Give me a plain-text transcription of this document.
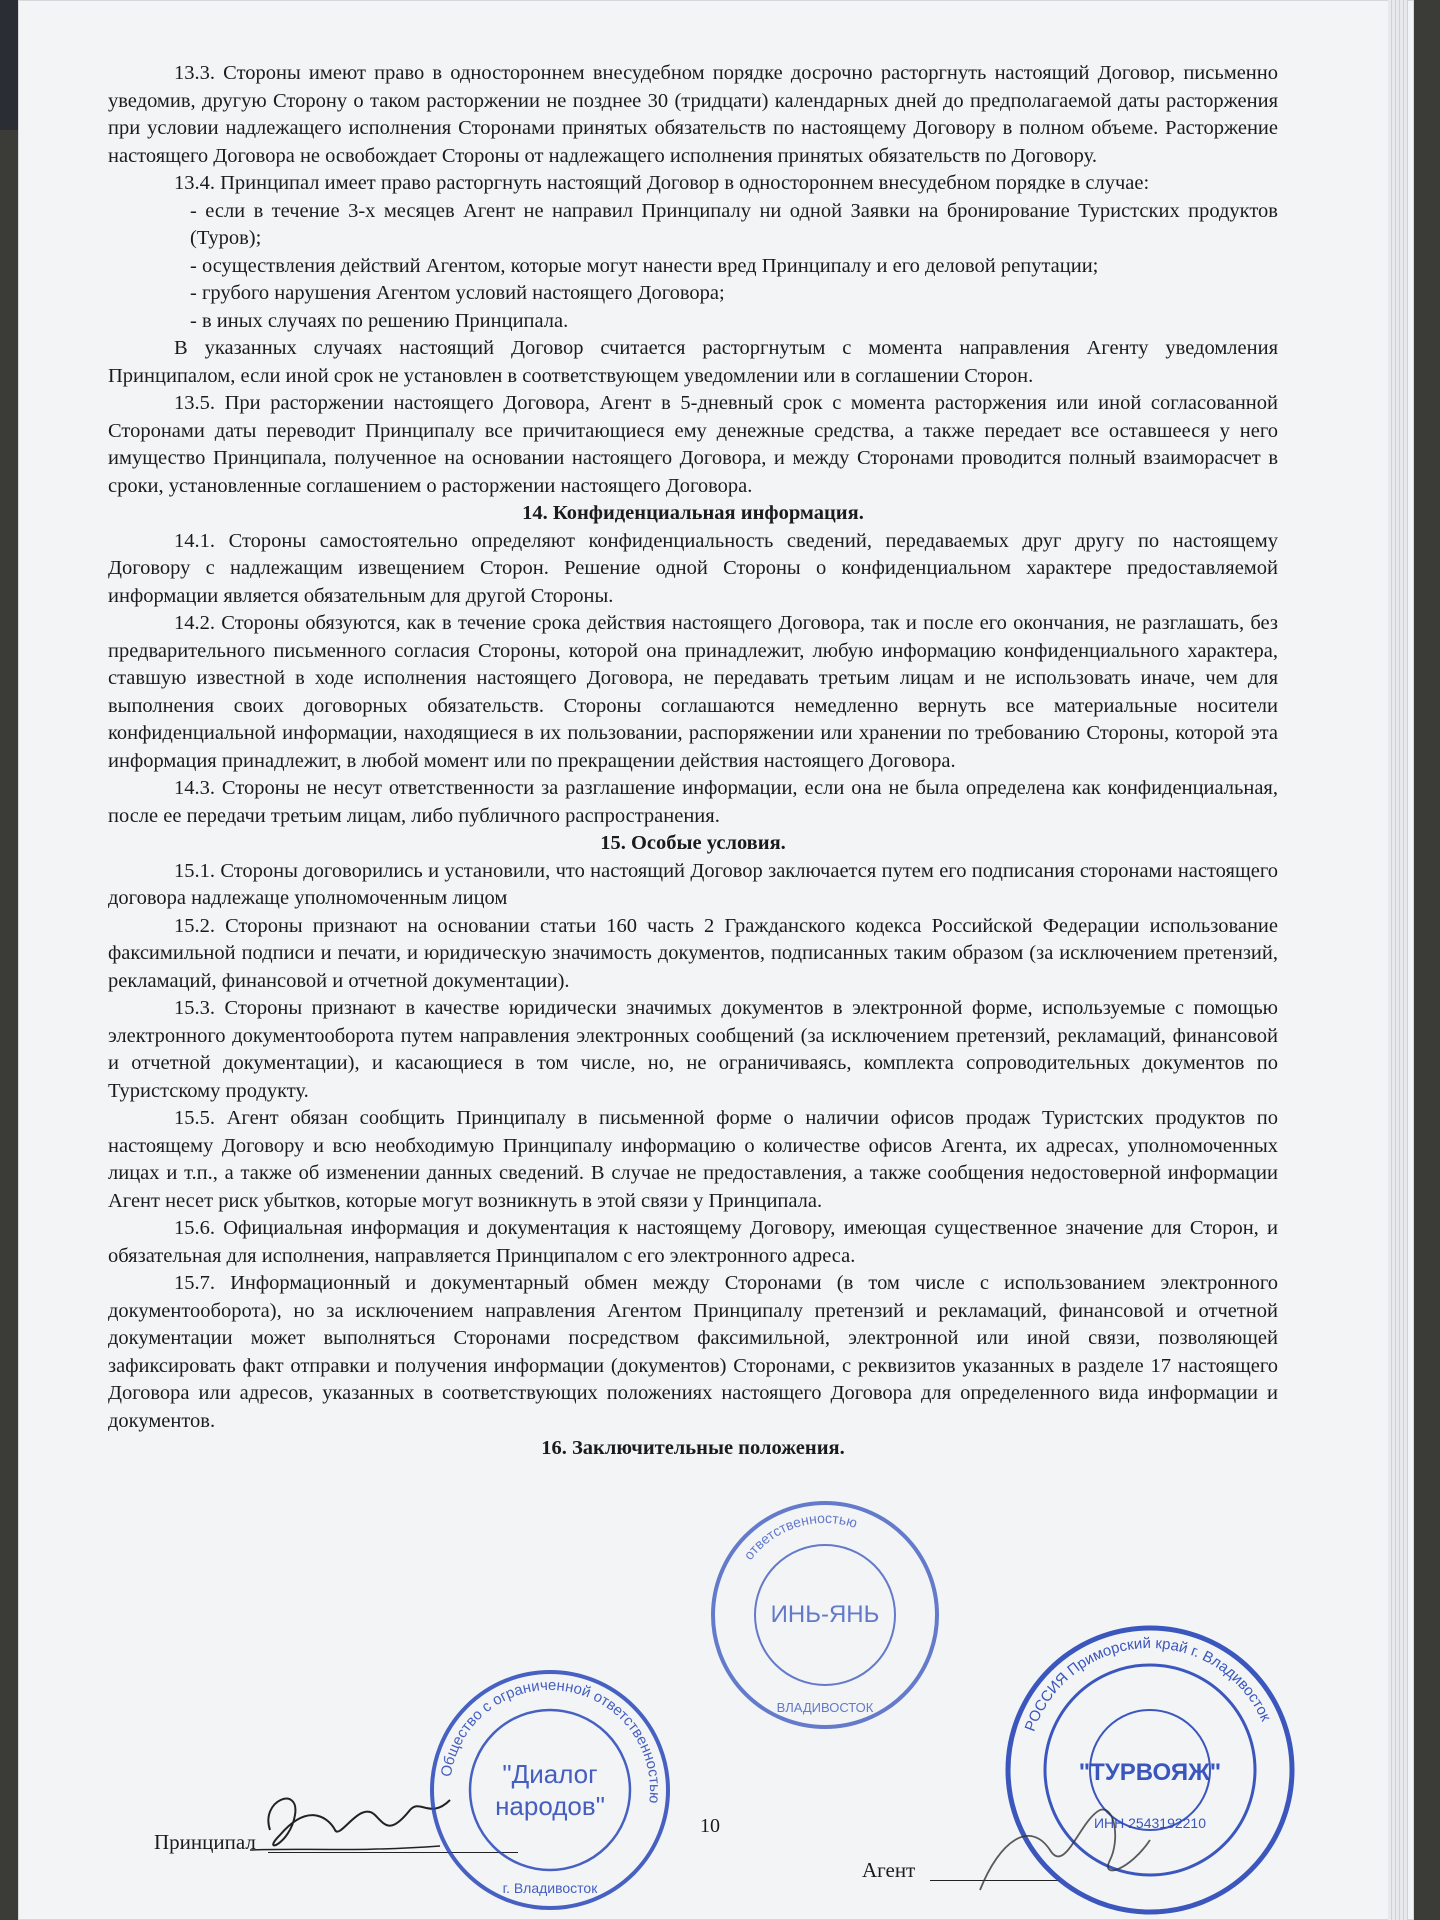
13.3. Стороны имеют право в одностороннем внесудебном порядке досрочно расторгнуть настоящий Договор, письменно уведомив, другую Сторону о таком расторжении не позднее 30 (тридцати) календарных дней до предполагаемой даты расторжения при условии надлежащего исполнения Сторонами принятых обязательств по настоящему Договору в полном объеме. Расторжение настоящего Договора не освобождает Стороны от надлежащего исполнения принятых обязательств по Договору.

13.4. Принципал имеет право расторгнуть настоящий Договор в одностороннем внесудебном порядке в случае:

- если в течение 3-х месяцев Агент не направил Принципалу ни одной Заявки на бронирование Туристских продуктов (Туров);

- осуществления действий Агентом, которые могут нанести вред Принципалу и его деловой репутации;

- грубого нарушения Агентом условий настоящего Договора;

- в иных случаях по решению Принципала.

В указанных случаях настоящий Договор считается расторгнутым с момента направления Агенту уведомления Принципалом, если иной срок не установлен в соответствующем уведомлении или в соглашении Сторон.

13.5. При расторжении настоящего Договора, Агент в 5-дневный срок с момента расторжения или иной согласованной Сторонами даты переводит Принципалу все причитающиеся ему денежные средства, а также передает все оставшееся у него имущество Принципала, полученное на основании настоящего Договора, и между Сторонами проводится полный взаиморасчет в сроки, установленные соглашением о расторжении настоящего Договора.

14. Конфиденциальная информация.

14.1. Стороны самостоятельно определяют конфиденциальность сведений, передаваемых друг другу по настоящему Договору с надлежащим извещением Сторон. Решение одной Стороны о конфиденциальном характере предоставляемой информации является обязательным для другой Стороны.

14.2. Стороны обязуются, как в течение срока действия настоящего Договора, так и после его окончания, не разглашать, без предварительного письменного согласия Стороны, которой она принадлежит, любую информацию конфиденциального характера, ставшую известной в ходе исполнения настоящего Договора, не передавать третьим лицам и не использовать иначе, чем для выполнения своих договорных обязательств. Стороны соглашаются немедленно вернуть все материальные носители конфиденциальной информации, находящиеся в их пользовании, распоряжении или хранении по требованию Стороны, которой эта информация принадлежит, в любой момент или по прекращении действия настоящего Договора.

14.3. Стороны не несут ответственности за разглашение информации, если она не была определена как конфиденциальная, после ее передачи третьим лицам, либо публичного распространения.

15. Особые условия.

15.1. Стороны договорились и установили, что настоящий Договор заключается путем его подписания сторонами настоящего договора надлежаще уполномоченным лицом

15.2. Стороны признают на основании статьи 160 часть 2 Гражданского кодекса Российской Федерации использование факсимильной подписи и печати, и юридическую значимость документов, подписанных таким образом (за исключением претензий, рекламаций, финансовой и отчетной документации).

15.3. Стороны признают в качестве юридически значимых документов в электронной форме, используемые с помощью электронного документооборота путем направления электронных сообщений (за исключением претензий, рекламаций, финансовой и отчетной документации), и касающиеся в том числе, но, не ограничиваясь, комплекта сопроводительных документов по Туристскому продукту.

15.5. Агент обязан сообщить Принципалу в письменной форме о наличии офисов продаж Туристских продуктов по настоящему Договору и всю необходимую Принципалу информацию о количестве офисов Агента, их адресах, уполномоченных лицах и т.п., а также об изменении данных сведений. В случае не предоставления, а также сообщения недостоверной информации Агент несет риск убытков, которые могут возникнуть в этой связи у Принципала.

15.6. Официальная информация и документация к настоящему Договору, имеющая существенное значение для Сторон, и обязательная для исполнения, направляется Принципалом с его электронного адреса.

15.7. Информационный и документарный обмен между Сторонами (в том числе с использованием электронного документооборота), но за исключением направления Агентом Принципалу претензий и рекламаций, финансовой и отчетной документации может выполняться Сторонами посредством факсимильной, электронной или иной связи, позволяющей зафиксировать факт отправки и получения информации (документов) Сторонами, с реквизитов указанных в разделе 17 настоящего Договора или адресов, указанных в соответствующих положениях настоящего Договора для определенного вида информации и документов.

16. Заключительные положения.

Принципал
10
Агент
Общество с ограниченной ответственностью
"Диалог
народов"
г. Владивосток
ответственностью
ИНЬ-ЯНЬ
ВЛАДИВОСТОК
РОССИЯ Приморский край г. Владивосток
"ТУРВОЯЖ"
ИНН 2543192210
